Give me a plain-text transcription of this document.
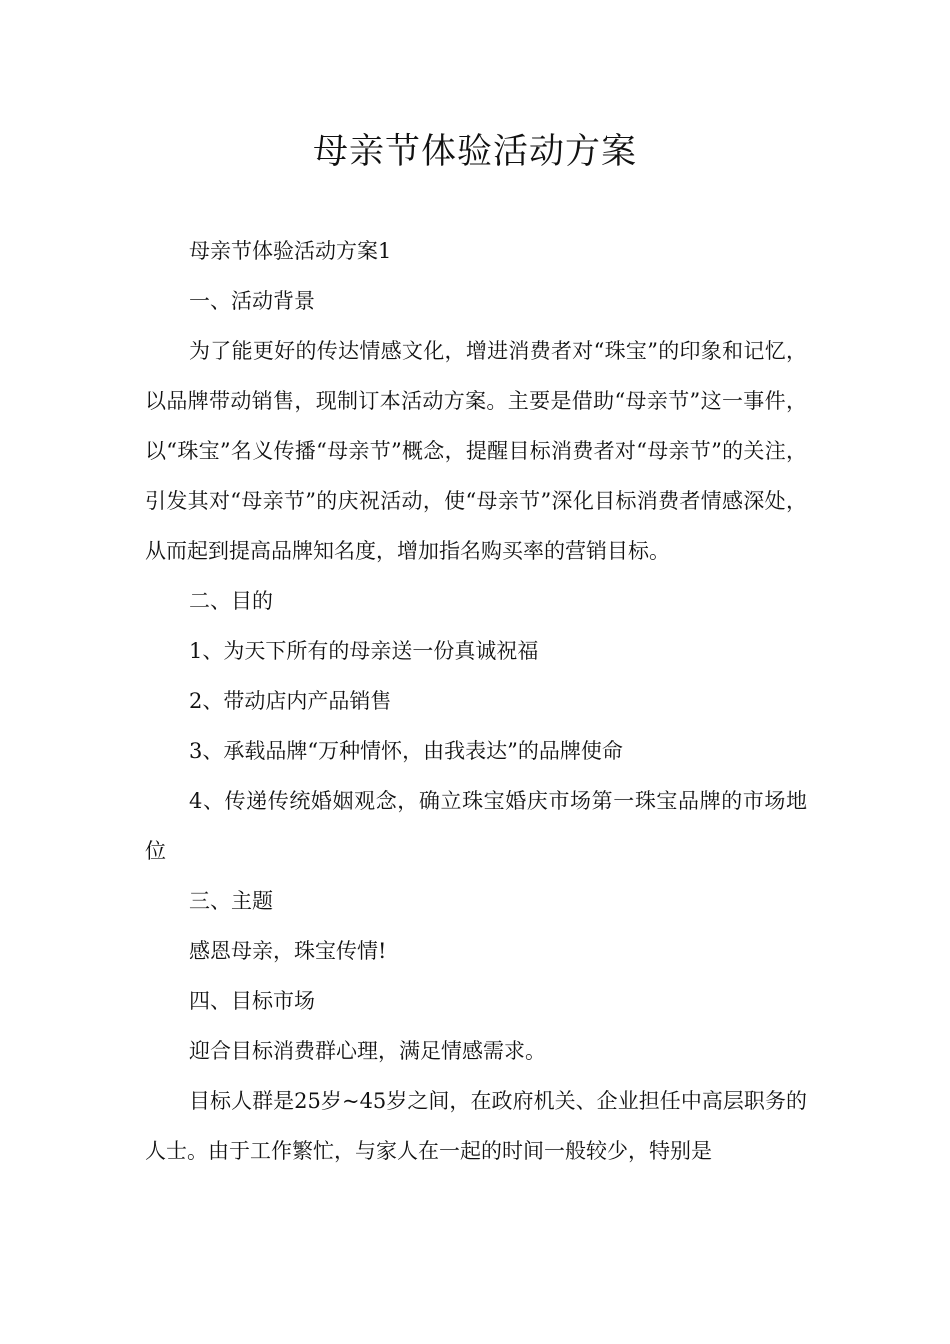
母亲节体验活动方案

母亲节体验活动方案1

一、活动背景

为了能更好的传达情感文化，增进消费者对“珠宝”的印象和记忆，以品牌带动销售，现制订本活动方案。主要是借助“母亲节”这一事件，以“珠宝”名义传播“母亲节”概念，提醒目标消费者对“母亲节”的关注，引发其对“母亲节”的庆祝活动，使“母亲节”深化目标消费者情感深处，从而起到提高品牌知名度，增加指名购买率的营销目标。

二、目的

1、为天下所有的母亲送一份真诚祝福

2、带动店内产品销售

3、承载品牌“万种情怀，由我表达”的品牌使命

4、传递传统婚姻观念，确立珠宝婚庆市场第一珠宝品牌的市场地位

三、主题

感恩母亲，珠宝传情!

四、目标市场

迎合目标消费群心理，满足情感需求。

目标人群是25岁~45岁之间，在政府机关、企业担任中高层职务的人士。由于工作繁忙，与家人在一起的时间一般较少，特别是
